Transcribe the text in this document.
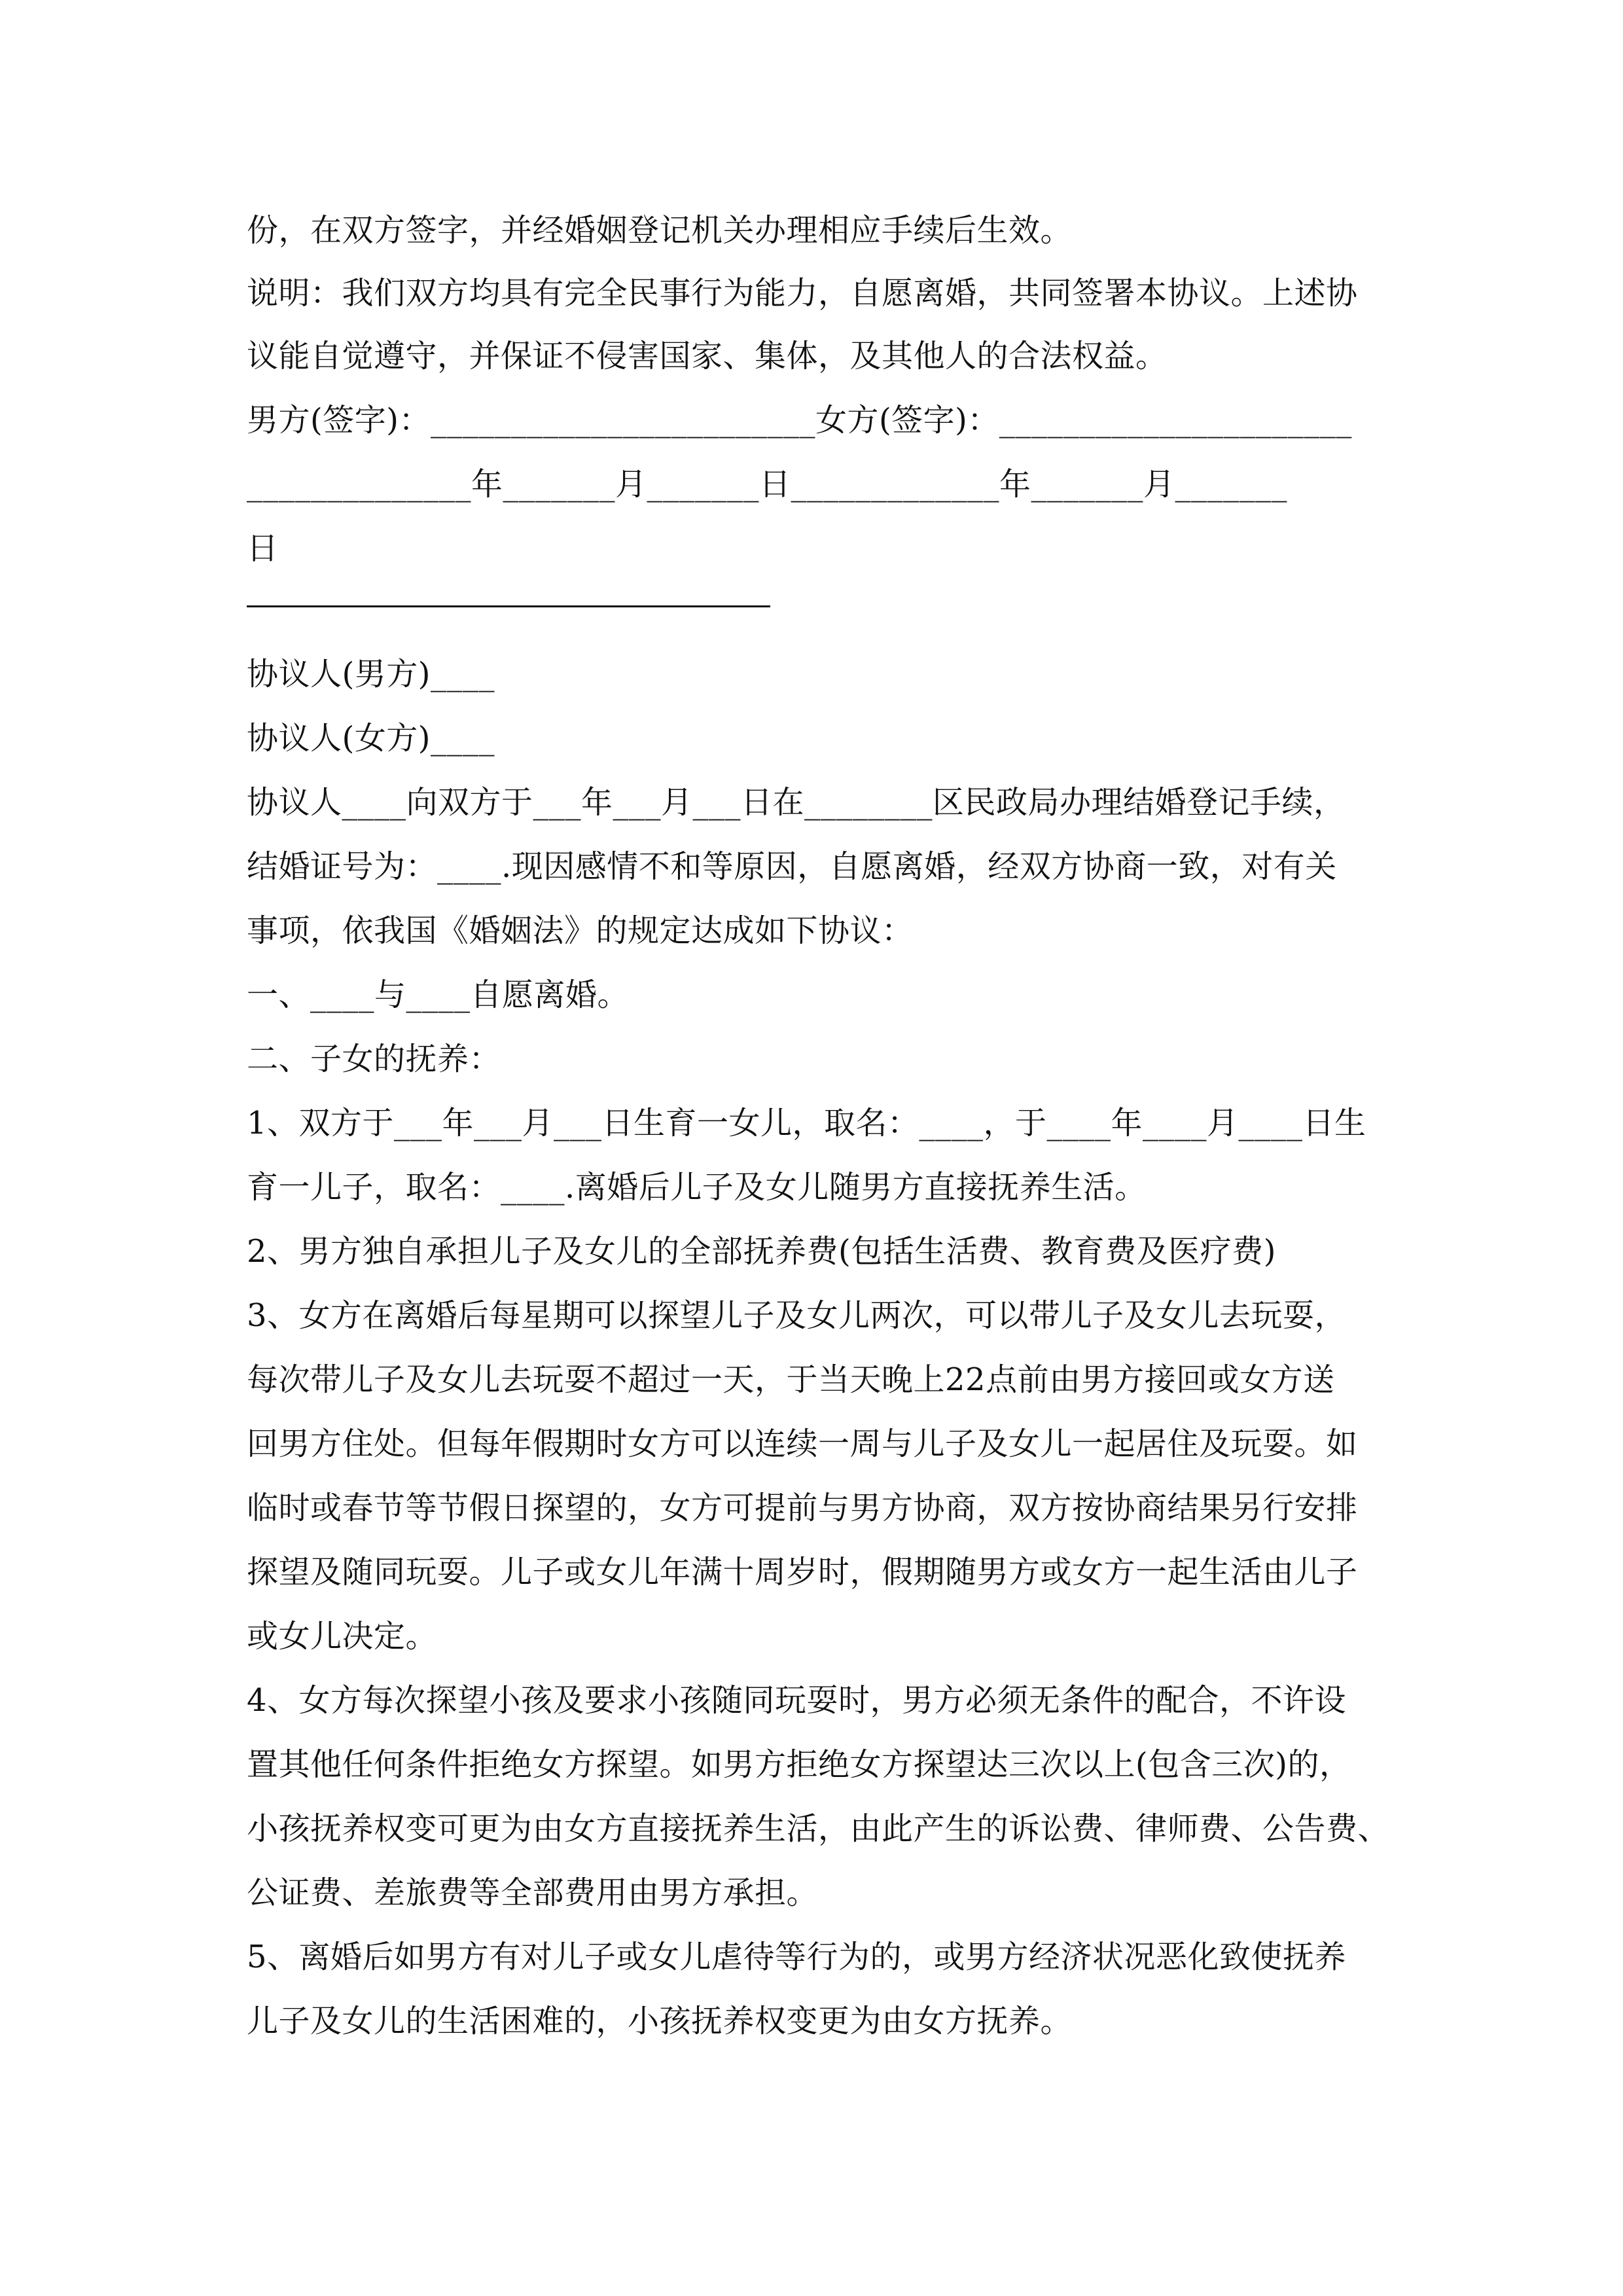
份，在双方签字，并经婚姻登记机关办理相应手续后生效。
说明：我们双方均具有完全民事行为能力，自愿离婚，共同签署本协议。上述协
议能自觉遵守，并保证不侵害国家、集体，及其他人的合法权益。
男方(签字)：________________________女方(签字)：______________________
______________年_______月_______日_____________年_______月_______
日
协议人(男方)____
协议人(女方)____
协议人____向双方于___年___月___日在________区民政局办理结婚登记手续，
结婚证号为：____.现因感情不和等原因，自愿离婚，经双方协商一致，对有关
事项，依我国《婚姻法》的规定达成如下协议：
一、____与____自愿离婚。
二、子女的抚养：
1、双方于___年___月___日生育一女儿，取名：____，于____年____月____日生
育一儿子，取名：____.离婚后儿子及女儿随男方直接抚养生活。
2、男方独自承担儿子及女儿的全部抚养费(包括生活费、教育费及医疗费)
3、女方在离婚后每星期可以探望儿子及女儿两次，可以带儿子及女儿去玩耍，
每次带儿子及女儿去玩耍不超过一天，于当天晚上22点前由男方接回或女方送
回男方住处。但每年假期时女方可以连续一周与儿子及女儿一起居住及玩耍。如
临时或春节等节假日探望的，女方可提前与男方协商，双方按协商结果另行安排
探望及随同玩耍。儿子或女儿年满十周岁时，假期随男方或女方一起生活由儿子
或女儿决定。
4、女方每次探望小孩及要求小孩随同玩耍时，男方必须无条件的配合，不许设
置其他任何条件拒绝女方探望。如男方拒绝女方探望达三次以上(包含三次)的，
小孩抚养权变可更为由女方直接抚养生活，由此产生的诉讼费、律师费、公告费、
公证费、差旅费等全部费用由男方承担。
5、离婚后如男方有对儿子或女儿虐待等行为的，或男方经济状况恶化致使抚养
儿子及女儿的生活困难的，小孩抚养权变更为由女方抚养。
